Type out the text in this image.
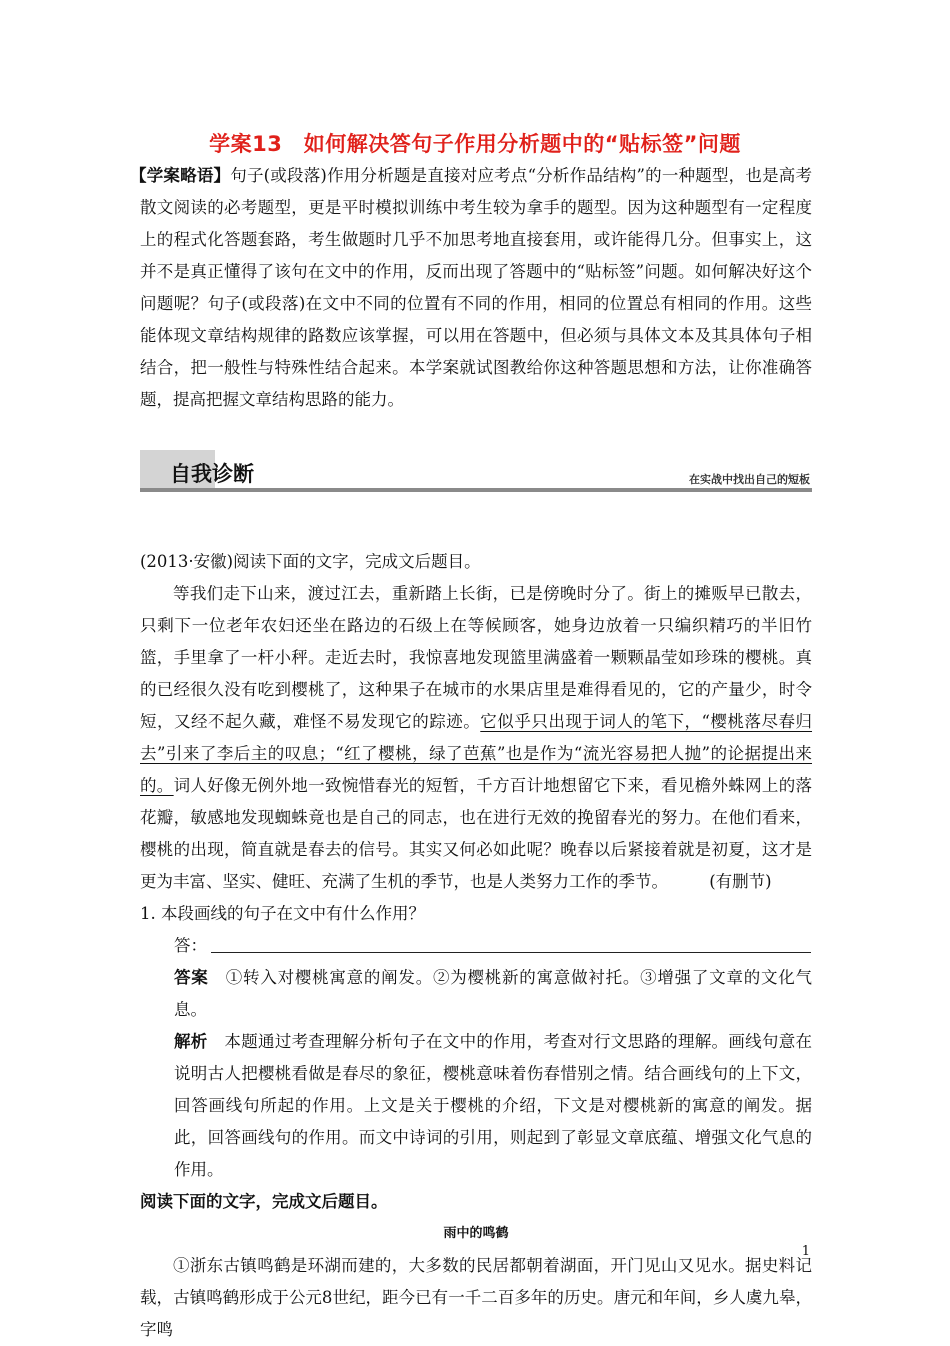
学案13　如何解决答句子作用分析题中的“贴标签”问题
【学案略语】句子(或段落)作用分析题是直接对应考点“分析作品结构”的一种题型，也是高考散文阅读的必考题型，更是平时模拟训练中考生较为拿手的题型。因为这种题型有一定程度上的程式化答题套路，考生做题时几乎不加思考地直接套用，或许能得几分。但事实上，这并不是真正懂得了该句在文中的作用，反而出现了答题中的“贴标签”问题。如何解决好这个问题呢？句子(或段落)在文中不同的位置有不同的作用，相同的位置总有相同的作用。这些能体现文章结构规律的路数应该掌握，可以用在答题中，但必须与具体文本及其具体句子相结合，把一般性与特殊性结合起来。本学案就试图教给你这种答题思想和方法，让你准确答题，提高把握文章结构思路的能力。
自我诊断	在实战中找出自己的短板

(2013·安徽)阅读下面的文字，完成文后题目。

等我们走下山来，渡过江去，重新踏上长街，已是傍晚时分了。街上的摊贩早已散去，只剩下一位老年农妇还坐在路边的石级上在等候顾客，她身边放着一只编织精巧的半旧竹篮，手里拿了一杆小秤。走近去时，我惊喜地发现篮里满盛着一颗颗晶莹如珍珠的樱桃。真的已经很久没有吃到樱桃了，这种果子在城市的水果店里是难得看见的，它的产量少，时令短，又经不起久藏，难怪不易发现它的踪迹。它似乎只出现于词人的笔下，“樱桃落尽春归去”引来了李后主的叹息；“红了樱桃，绿了芭蕉”也是作为“流光容易把人抛”的论据提出来的。词人好像无例外地一致惋惜春光的短暂，千方百计地想留它下来，看见檐外蛛网上的落花瓣，敏感地发现蜘蛛竟也是自己的同志，也在进行无效的挽留春光的努力。在他们看来，樱桃的出现，简直就是春去的信号。其实又何必如此呢？晚春以后紧接着就是初夏，这才是更为丰富、坚实、健旺、充满了生机的季节，也是人类努力工作的季节。　　　	(有删节)

1. 本段画线的句子在文中有什么作用？

答：

答案　 ①转入对樱桃寓意的阐发。②为樱桃新的寓意做衬托。③增强了文章的文化气息。

解析　 本题通过考查理解分析句子在文中的作用，考查对行文思路的理解。画线句意在说明古人把樱桃看做是春尽的象征，樱桃意味着伤春惜别之情。结合画线句的上下文，回答画线句所起的作用。上文是关于樱桃的介绍，下文是对樱桃新的寓意的阐发。据此，回答画线句的作用。而文中诗词的引用，则起到了彰显文章底蕴、增强文化气息的作用。

阅读下面的文字，完成文后题目。

雨中的鸣鹤

①浙东古镇鸣鹤是环湖而建的，大多数的民居都朝着湖面，开门见山又见水。据史料记载，古镇鸣鹤形成于公元8世纪，距今已有一千二百多年的历史。唐元和年间，乡人虞九皋，字鸣

1
